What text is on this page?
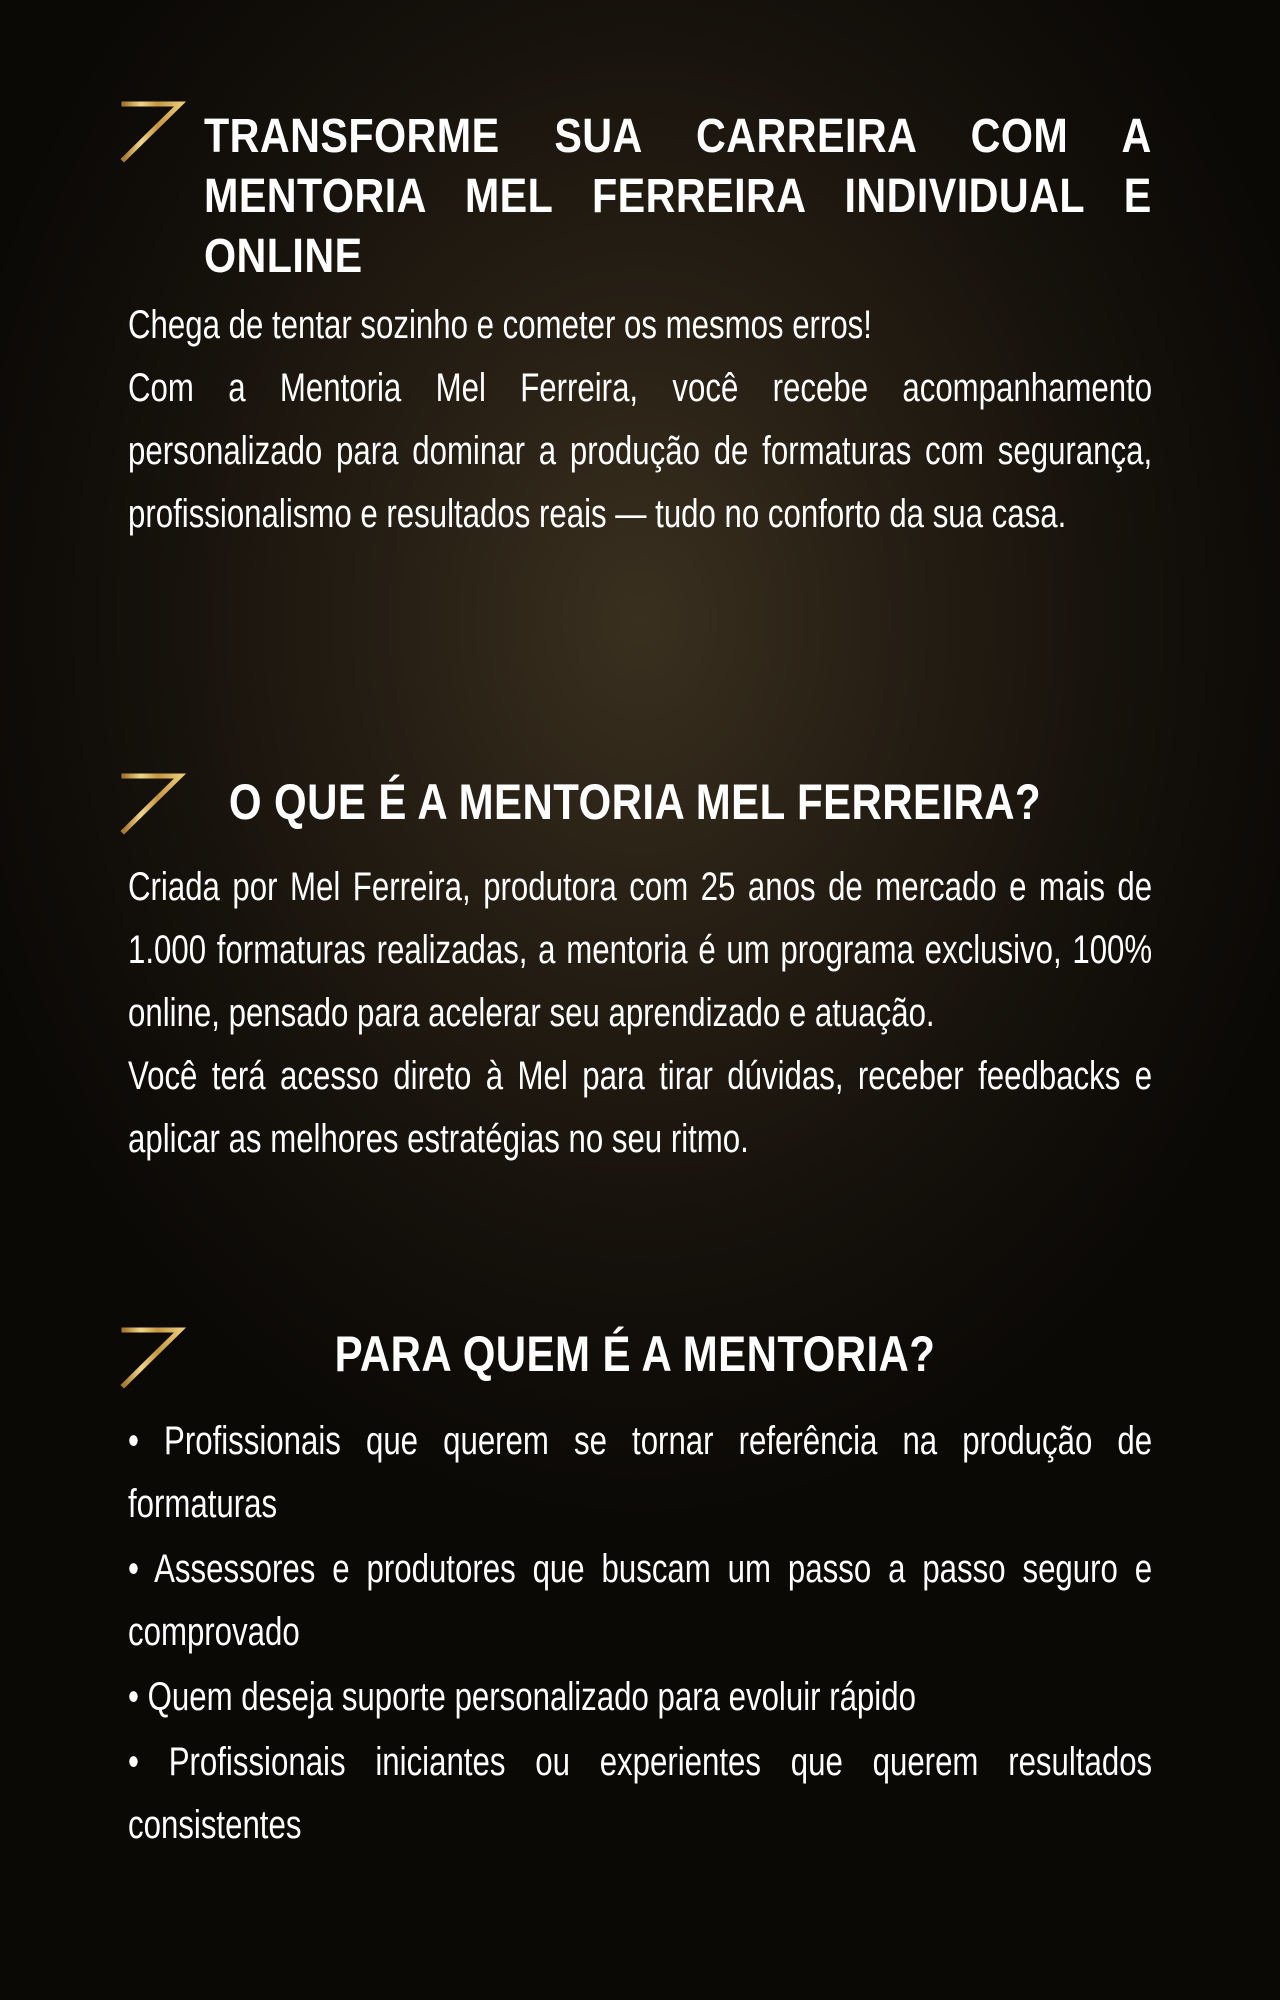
TRANSFORME SUA CARREIRA COM A MENTORIA MEL FERREIRA INDIVIDUAL E ONLINE

Chega de tentar sozinho e cometer os mesmos erros!

Com a Mentoria Mel Ferreira, você recebe acompanhamento personalizado para dominar a produção de formaturas com segurança, profissionalismo e resultados reais — tudo no conforto da sua casa.

O QUE É A MENTORIA MEL FERREIRA?

Criada por Mel Ferreira, produtora com 25 anos de mercado e mais de 1.000 formaturas realizadas, a mentoria é um programa exclusivo, 100% online, pensado para acelerar seu aprendizado e atuação.

Você terá acesso direto à Mel para tirar dúvidas, receber feedbacks e aplicar as melhores estratégias no seu ritmo.

PARA QUEM É A MENTORIA?
• Profissionais que querem se tornar referência na produção de formaturas
• Assessores e produtores que buscam um passo a passo seguro e comprovado
• Quem deseja suporte personalizado para evoluir rápido
• Profissionais iniciantes ou experientes que querem resultados consistentes
